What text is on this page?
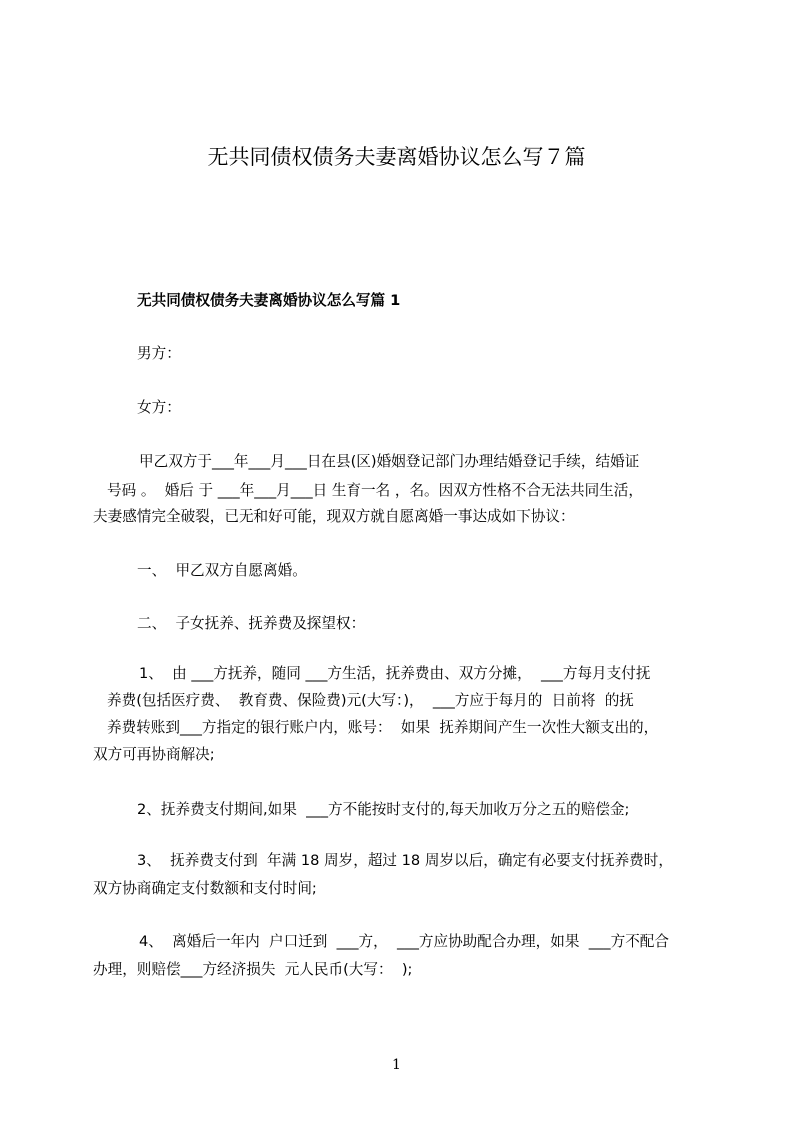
无共同债权债务夫妻离婚协议怎么写７篇
无共同债权债务夫妻离婚协议怎么写篇 1
男方：
女方：
甲乙双方于___年___月___日在县(区)婚姻登记部门办理结婚登记手续，结婚证
号码 。  婚后 于 ___年___月___日 生育一名 ，名。因双方性格不合无法共同生活，
夫妻感情完全破裂，已无和好可能，现双方就自愿离婚一事达成如下协议：
一、  甲乙双方自愿离婚。
二、  子女抚养、抚养费及探望权：
1、  由 ___方抚养，随同 ___方生活，抚养费由、双方分摊，  ___方每月支付抚
养费(包括医疗费、  教育费、保险费)元(大写：)，  ___方应于每月的  日前将  的抚
养费转账到___方指定的银行账户内，账号：  如果  抚养期间产生一次性大额支出的，
双方可再协商解决;
2、抚养费支付期间,如果  ___方不能按时支付的,每天加收万分之五的赔偿金;
3、  抚养费支付到  年满 18 周岁，超过 18 周岁以后，确定有必要支付抚养费时，
双方协商确定支付数额和支付时间;
4、  离婚后一年内  户口迁到  ___方，  ___方应协助配合办理，如果  ___方不配合
办理，则赔偿___方经济损失  元人民币(大写：  );
1
